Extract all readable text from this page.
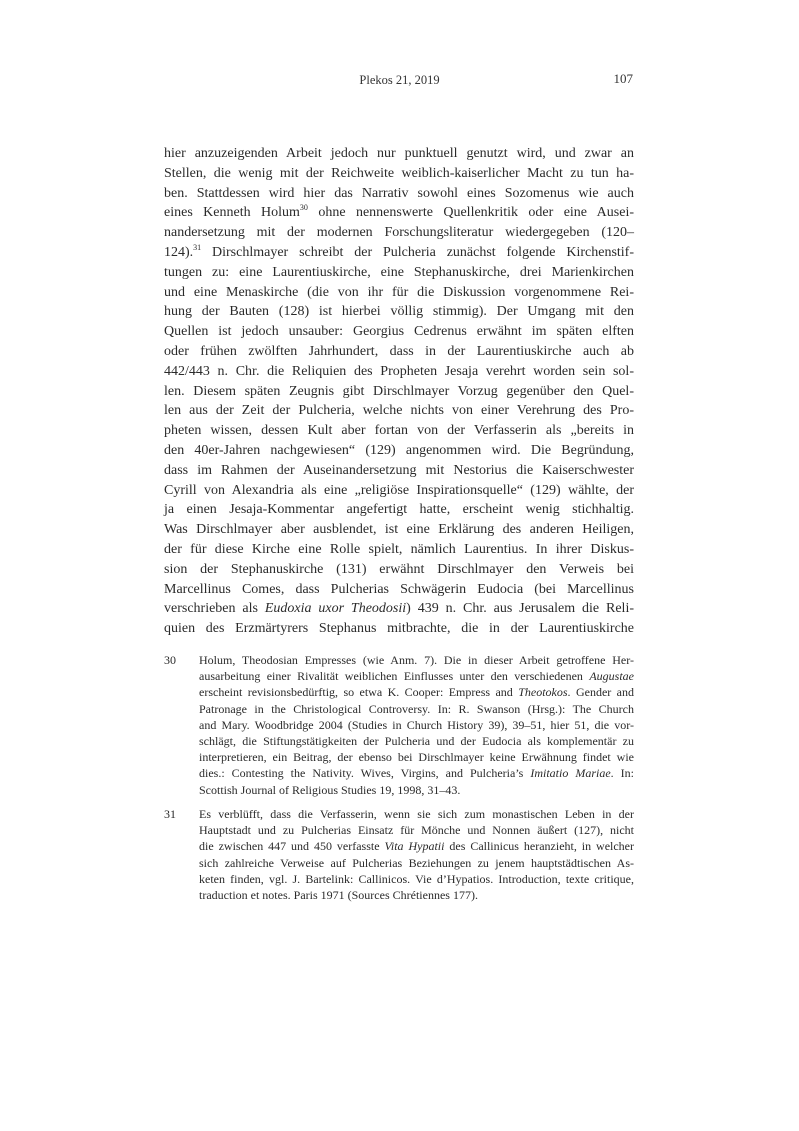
Plekos 21, 2019	107
hier anzuzeigenden Arbeit jedoch nur punktuell genutzt wird, und zwar an
Stellen, die wenig mit der Reichweite weiblich-kaiserlicher Macht zu tun ha-
ben. Stattdessen wird hier das Narrativ sowohl eines Sozomenus wie auch
eines Kenneth Holum$^{30}$ ohne nennenswerte Quellenkritik oder eine Ausei-
nandersetzung mit der modernen Forschungsliteratur wiedergegeben (120–
124).$^{31}$ Dirschlmayer schreibt der Pulcheria zunächst folgende Kirchenstif-
tungen zu: eine Laurentiuskirche, eine Stephanuskirche, drei Marienkirchen
und eine Menaskirche (die von ihr für die Diskussion vorgenommene Rei-
hung der Bauten (128) ist hierbei völlig stimmig). Der Umgang mit den
Quellen ist jedoch unsauber: Georgius Cedrenus erwähnt im späten elften
oder frühen zwölften Jahrhundert, dass in der Laurentiuskirche auch ab
442/443 n. Chr. die Reliquien des Propheten Jesaja verehrt worden sein sol-
len. Diesem späten Zeugnis gibt Dirschlmayer Vorzug gegenüber den Quel-
len aus der Zeit der Pulcheria, welche nichts von einer Verehrung des Pro-
pheten wissen, dessen Kult aber fortan von der Verfasserin als „bereits in
den 40er-Jahren nachgewiesen“ (129) angenommen wird. Die Begründung,
dass im Rahmen der Auseinandersetzung mit Nestorius die Kaiserschwester
Cyrill von Alexandria als eine „religiöse Inspirationsquelle“ (129) wählte, der
ja einen Jesaja-Kommentar angefertigt hatte, erscheint wenig stichhaltig.
Was Dirschlmayer aber ausblendet, ist eine Erklärung des anderen Heiligen,
der für diese Kirche eine Rolle spielt, nämlich Laurentius. In ihrer Diskus-
sion der Stephanuskirche (131) erwähnt Dirschlmayer den Verweis bei
Marcellinus Comes, dass Pulcherias Schwägerin Eudocia (bei Marcellinus
verschrieben als Eudoxia uxor Theodosii) 439 n. Chr. aus Jerusalem die Reli-
quien des Erzmärtyrers Stephanus mitbrachte, die in der Laurentiuskirche
30 Holum, Theodosian Empresses (wie Anm. 7). Die in dieser Arbeit getroffene Her-
ausarbeitung einer Rivalität weiblichen Einflusses unter den verschiedenen Augustae
erscheint revisionsbedürftig, so etwa K. Cooper: Empress and Theotokos. Gender and
Patronage in the Christological Controversy. In: R. Swanson (Hrsg.): The Church
and Mary. Woodbridge 2004 (Studies in Church History 39), 39–51, hier 51, die vor-
schlägt, die Stiftungstätigkeiten der Pulcheria und der Eudocia als komplementär zu
interpretieren, ein Beitrag, der ebenso bei Dirschlmayer keine Erwähnung findet wie
dies.: Contesting the Nativity. Wives, Virgins, and Pulcheria’s Imitatio Mariae. In:
Scottish Journal of Religious Studies 19, 1998, 31–43.
31 Es verblüfft, dass die Verfasserin, wenn sie sich zum monastischen Leben in der
Hauptstadt und zu Pulcherias Einsatz für Mönche und Nonnen äußert (127), nicht
die zwischen 447 und 450 verfasste Vita Hypatii des Callinicus heranzieht, in welcher
sich zahlreiche Verweise auf Pulcherias Beziehungen zu jenem hauptstädtischen As-
keten finden, vgl. J. Bartelink: Callinicos. Vie d’Hypatios. Introduction, texte critique,
traduction et notes. Paris 1971 (Sources Chrétiennes 177).
